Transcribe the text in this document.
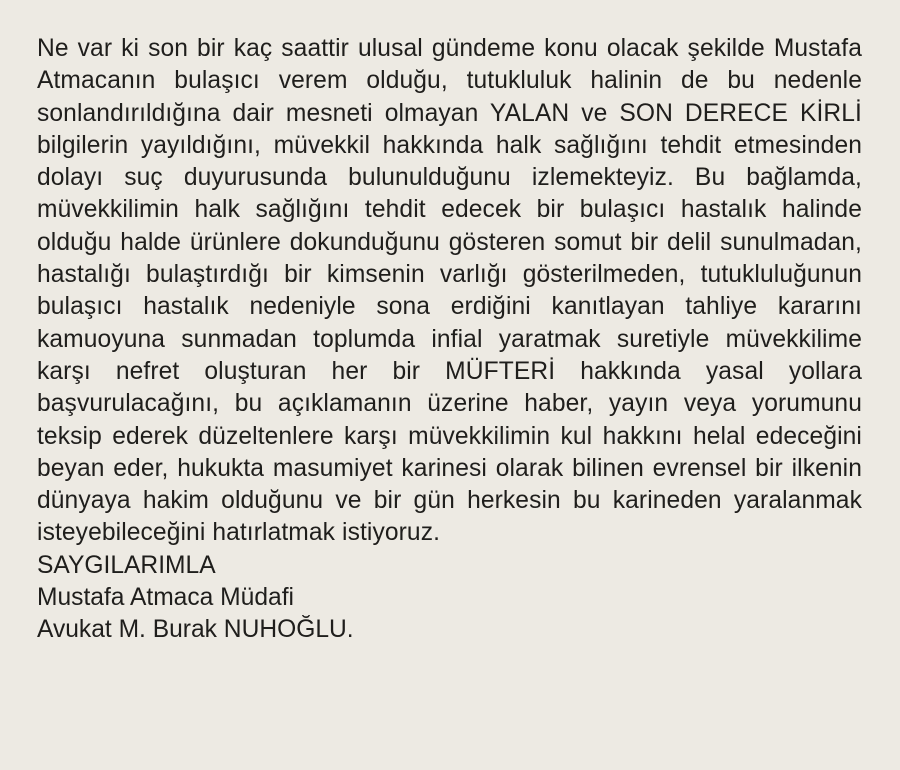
Ne var ki son bir kaç saattir ulusal gündeme konu olacak şekilde Mustafa Atmacanın bulaşıcı verem olduğu, tutukluluk halinin de bu nedenle sonlandırıldığına dair mesneti olmayan YALAN ve SON DERECE KİRLİ bilgilerin yayıldığını, müvekkil hakkında halk sağlığını tehdit etmesinden dolayı suç duyurusunda bulunulduğunu izlemekteyiz. Bu bağlamda, müvekkilimin halk sağlığını tehdit edecek bir bulaşıcı hastalık halinde olduğu halde ürünlere dokunduğunu gösteren somut bir delil sunulmadan, hastalığı bulaştırdığı bir kimsenin varlığı gösterilmeden, tutukluluğunun bulaşıcı hastalık nedeniyle sona erdiğini kanıtlayan tahliye kararını kamuoyuna sunmadan toplumda infial yaratmak suretiyle müvekkilime karşı nefret oluşturan her bir MÜFTERİ hakkında yasal yollara başvurulacağını, bu açıklamanın üzerine haber, yayın veya yorumunu teksip ederek düzeltenlere karşı müvekkilimin kul hakkını helal edeceğini beyan eder, hukukta masumiyet karinesi olarak bilinen evrensel bir ilkenin dünyaya hakim olduğunu ve bir gün herkesin bu karineden yaralanmak isteyebileceğini hatırlatmak istiyoruz.

SAYGILARIMLA
Mustafa Atmaca Müdafi
Avukat M. Burak NUHOĞLU.
